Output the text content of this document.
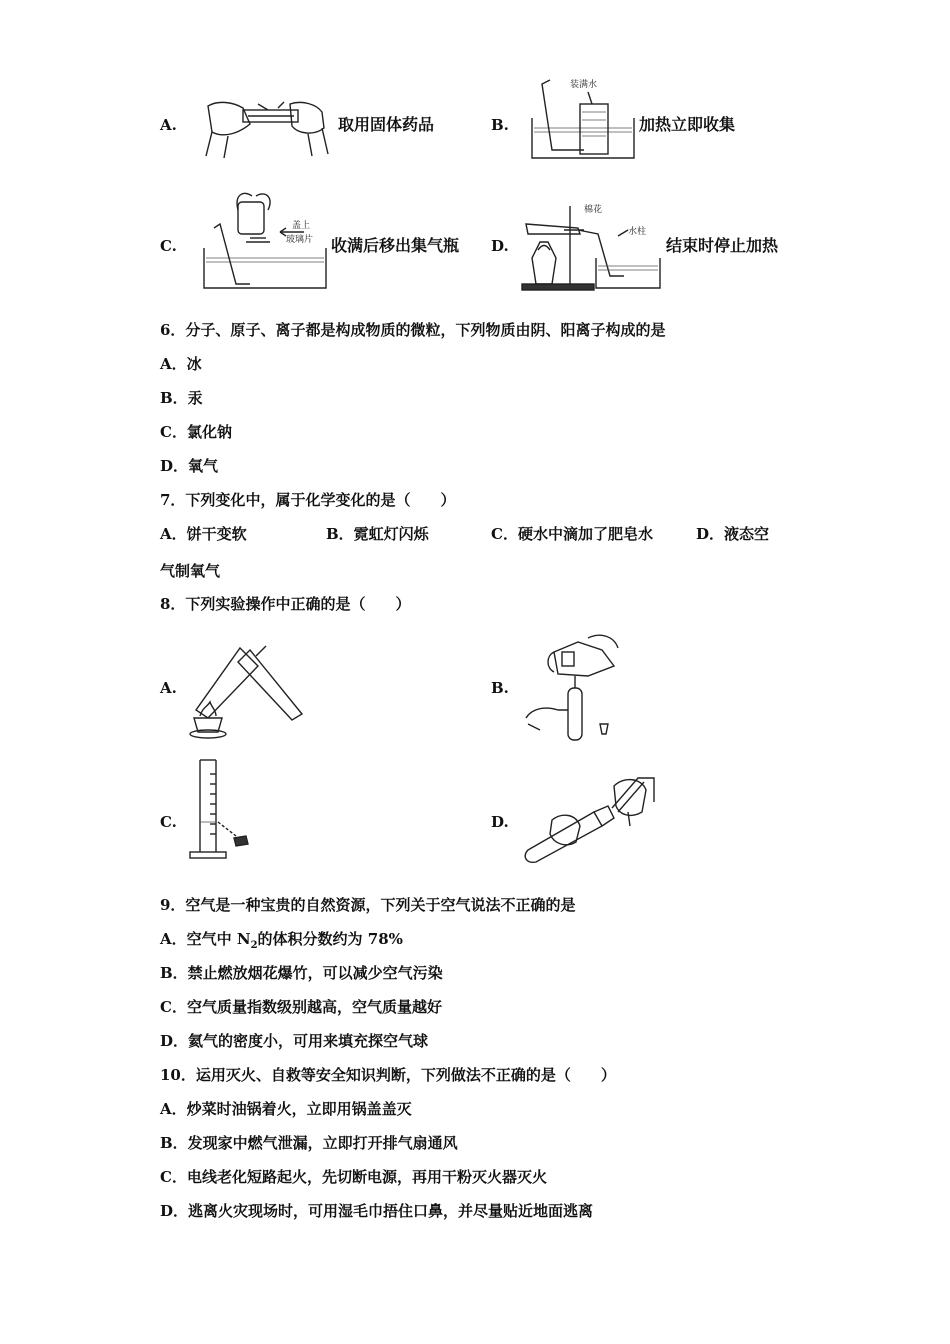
A.	取用固体药品	B.
装满水
加热立即收集
C.
盖上
玻璃片 收满后移出集气瓶 D.
棉花
水柱
结束时停止加热
6．分子、原子、离子都是构成物质的微粒，下列物质由阴、阳离子构成的是
A．冰
B．汞
C．氯化钠
D．氧气
7．下列变化中，属于化学变化的是（　　）
A．饼干变软	B．霓虹灯闪烁	C．硬水中滴加了肥皂水	D．液态空
气制氧气
8．下列实验操作中正确的是（　　）
A.	B.
C.	D.
9．空气是一种宝贵的自然资源，下列关于空气说法不正确的是
A．空气中 $N_2$的体积分数约为 78%
B．禁止燃放烟花爆竹，可以减少空气污染
C．空气质量指数级别越高，空气质量越好
D．氦气的密度小，可用来填充探空气球
10．运用灭火、自救等安全知识判断，下列做法不正确的是（　　）
A．炒菜时油锅着火，立即用锅盖盖灭
B．发现家中燃气泄漏，立即打开排气扇通风
C．电线老化短路起火，先切断电源，再用干粉灭火器灭火
D．逃离火灾现场时，可用湿毛巾捂住口鼻，并尽量贴近地面逃离
